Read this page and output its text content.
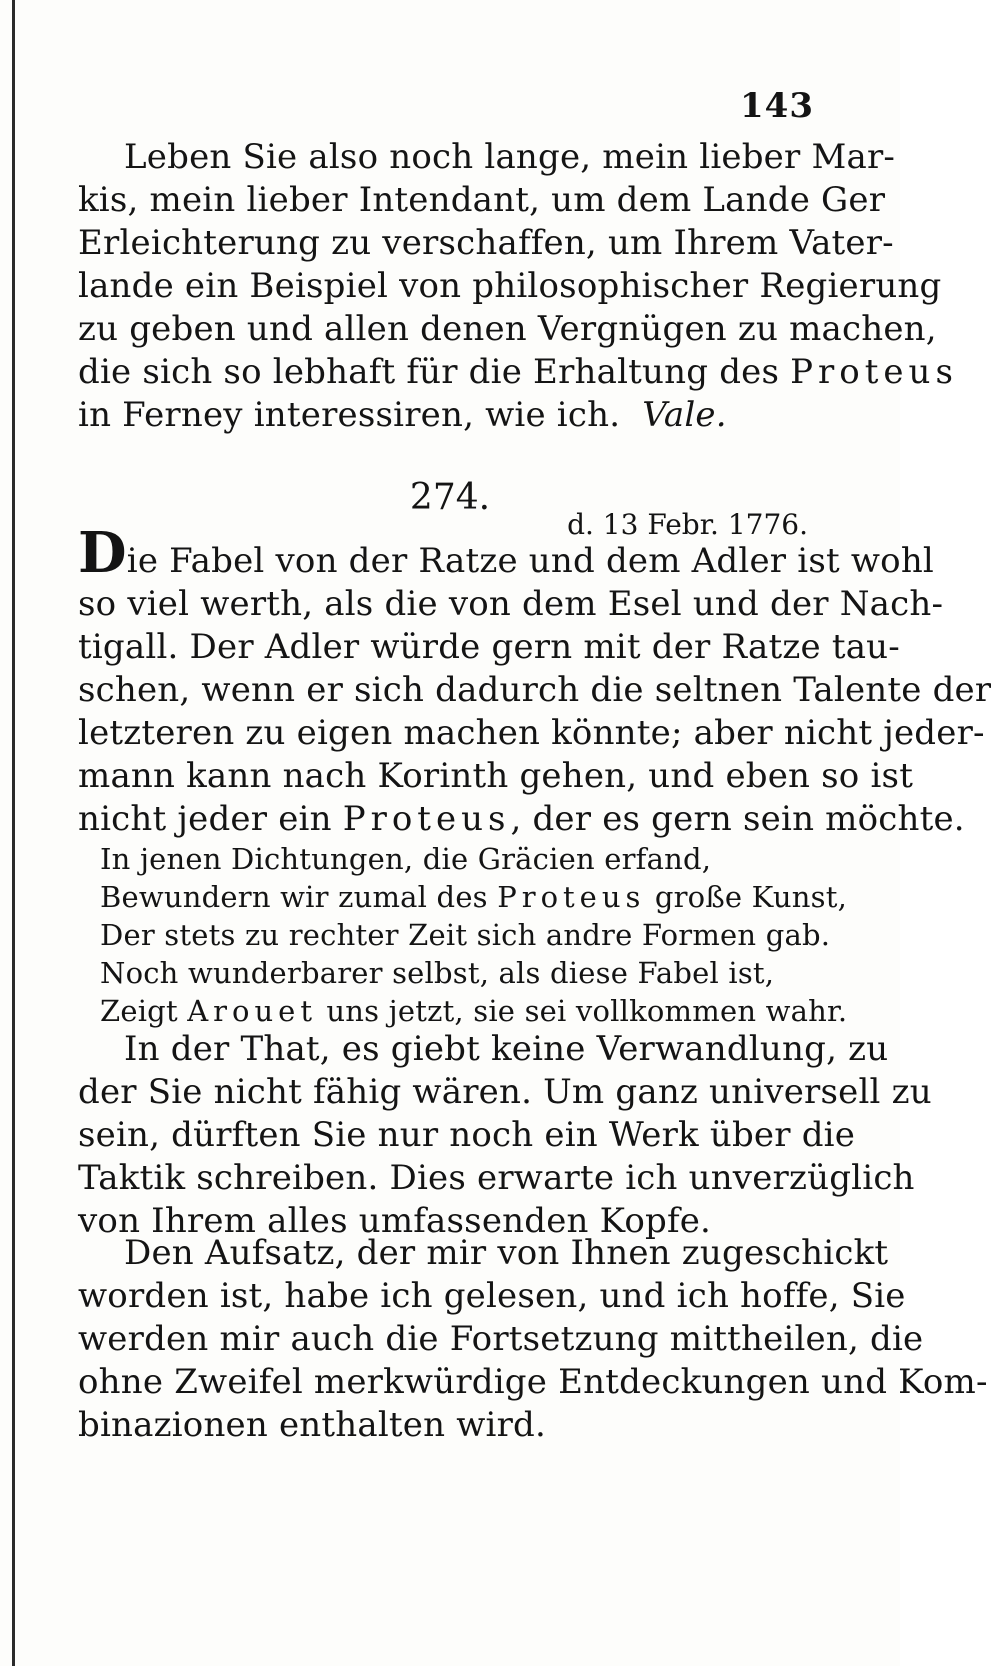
143
Leben Sie also noch lange, mein lieber Mar-
kis, mein lieber Intendant, um dem Lande Ger
Erleichterung zu verschaffen, um Ihrem Vater-
lande ein Beispiel von philosophischer Regierung
zu geben und allen denen Vergnügen zu machen,
die sich so lebhaft für die Erhaltung des Proteus
in Ferney interessiren, wie ich. Vale.
274.
d. 13 Febr. 1776.
Die Fabel von der Ratze und dem Adler ist wohl
so viel werth, als die von dem Esel und der Nach-
tigall. Der Adler würde gern mit der Ratze tau-
schen, wenn er sich dadurch die seltnen Talente der
letzteren zu eigen machen könnte; aber nicht jeder-
mann kann nach Korinth gehen, und eben so ist
nicht jeder ein Proteus, der es gern sein möchte.
In jenen Dichtungen, die Gräcien erfand,
Bewundern wir zumal des Proteus große Kunst,
Der stets zu rechter Zeit sich andre Formen gab.
Noch wunderbarer selbst, als diese Fabel ist,
Zeigt Arouet uns jetzt, sie sei vollkommen wahr.
In der That, es giebt keine Verwandlung, zu
der Sie nicht fähig wären. Um ganz universell zu
sein, dürften Sie nur noch ein Werk über die
Taktik schreiben. Dies erwarte ich unverzüglich
von Ihrem alles umfassenden Kopfe.
Den Aufsatz, der mir von Ihnen zugeschickt
worden ist, habe ich gelesen, und ich hoffe, Sie
werden mir auch die Fortsetzung mittheilen, die
ohne Zweifel merkwürdige Entdeckungen und Kom-
binazionen enthalten wird.
